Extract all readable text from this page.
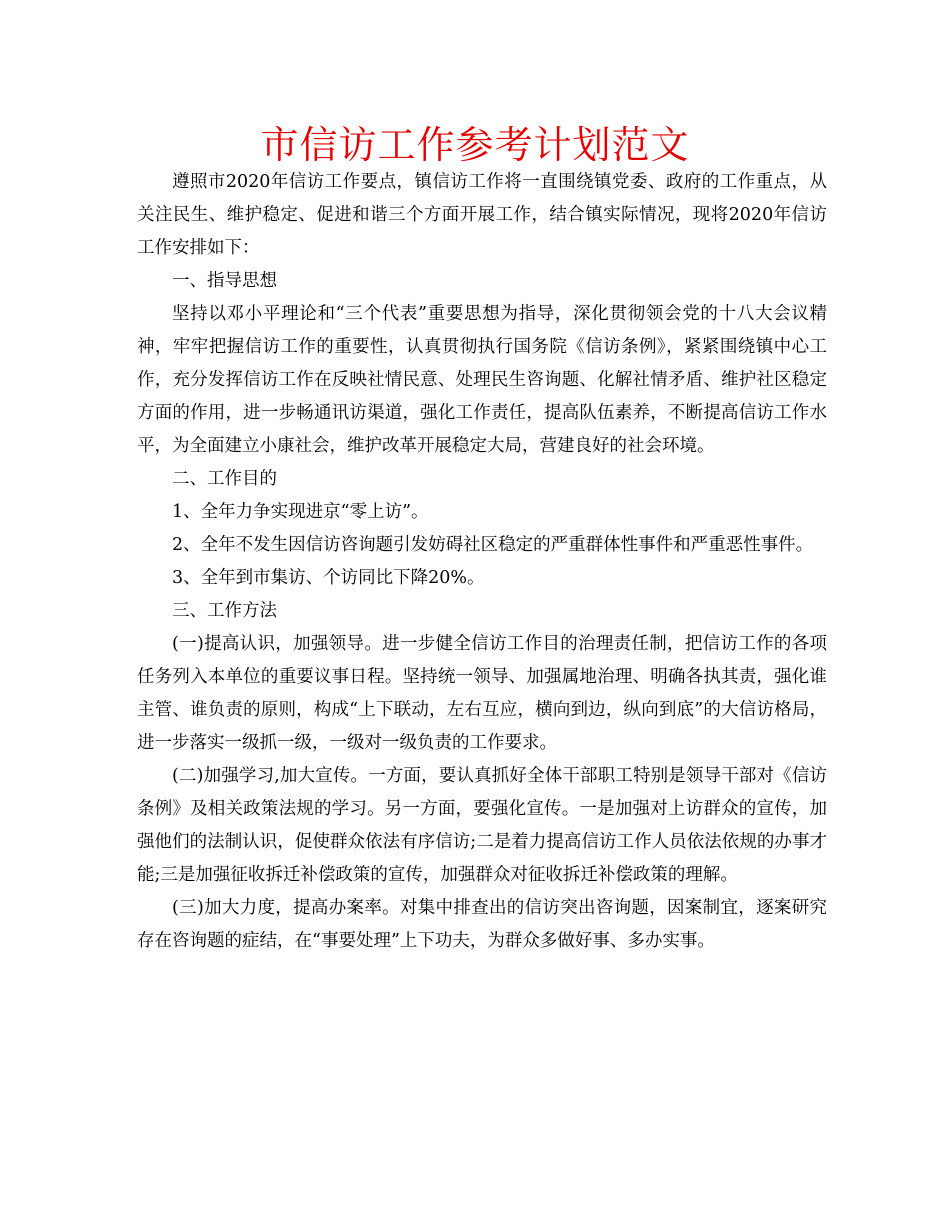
市信访工作参考计划范文

遵照市2020年信访工作要点，镇信访工作将一直围绕镇党委、政府的工作重点，从关注民生、维护稳定、促进和谐三个方面开展工作，结合镇实际情况，现将2020年信访工作安排如下：

一、指导思想

坚持以邓小平理论和“三个代表”重要思想为指导，深化贯彻领会党的十八大会议精神，牢牢把握信访工作的重要性，认真贯彻执行国务院《信访条例》，紧紧围绕镇中心工作，充分发挥信访工作在反映社情民意、处理民生咨询题、化解社情矛盾、维护社区稳定方面的作用，进一步畅通讯访渠道，强化工作责任，提高队伍素养，不断提高信访工作水平，为全面建立小康社会，维护改革开展稳定大局，营建良好的社会环境。

二、工作目的

1、全年力争实现进京“零上访”。

2、全年不发生因信访咨询题引发妨碍社区稳定的严重群体性事件和严重恶性事件。

3、全年到市集访、个访同比下降20%。

三、工作方法

(一)提高认识，加强领导。进一步健全信访工作目的治理责任制，把信访工作的各项任务列入本单位的重要议事日程。坚持统一领导、加强属地治理、明确各执其责，强化谁主管、谁负责的原则，构成“上下联动，左右互应，横向到边，纵向到底”的大信访格局，进一步落实一级抓一级，一级对一级负责的工作要求。

(二)加强学习,加大宣传。一方面，要认真抓好全体干部职工特别是领导干部对《信访条例》及相关政策法规的学习。另一方面，要强化宣传。一是加强对上访群众的宣传，加强他们的法制认识，促使群众依法有序信访;二是着力提高信访工作人员依法依规的办事才能;三是加强征收拆迁补偿政策的宣传，加强群众对征收拆迁补偿政策的理解。

(三)加大力度，提高办案率。对集中排查出的信访突出咨询题，因案制宜，逐案研究存在咨询题的症结，在“事要处理”上下功夫，为群众多做好事、多办实事。
